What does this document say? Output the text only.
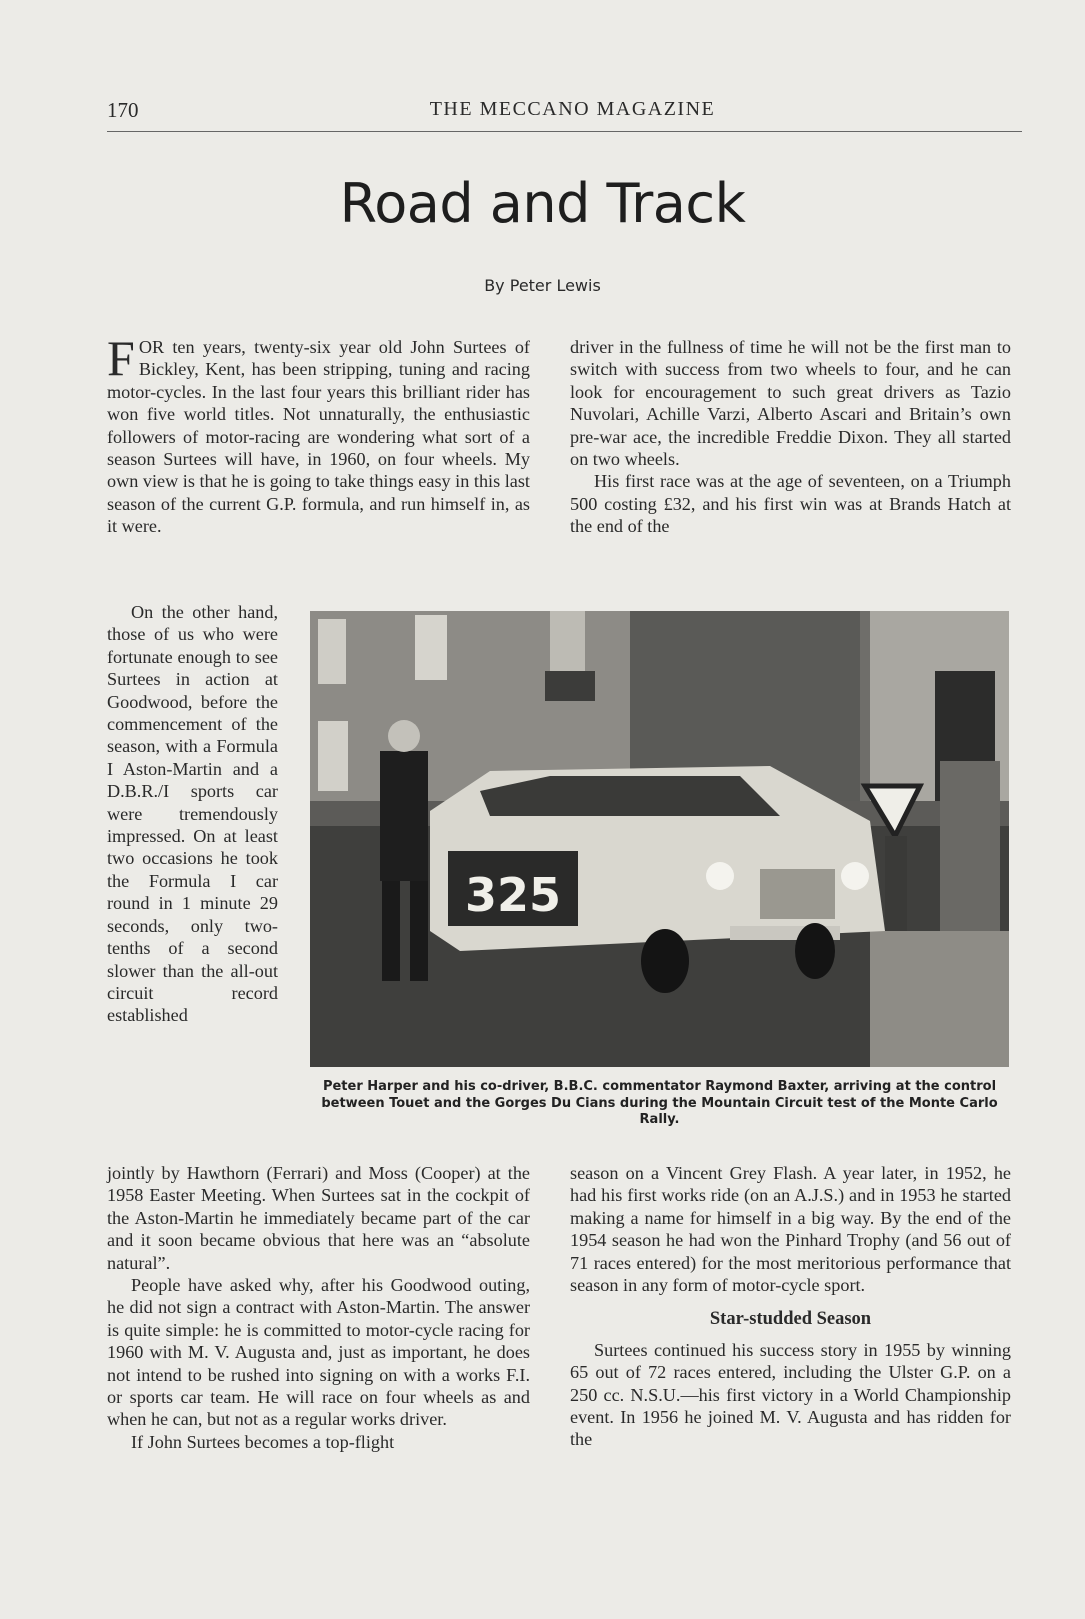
170	THE MECCANO MAGAZINE
Road and Track
By Peter Lewis

FOR ten years, twenty-six year old John Surtees of Bickley, Kent, has been stripping, tuning and racing motor-cycles. In the last four years this brilliant rider has won five world titles. Not unnaturally, the enthusiastic followers of motor-racing are wondering what sort of a season Surtees will have, in 1960, on four wheels. My own view is that he is going to take things easy in this last season of the current G.P. formula, and run himself in, as it were.

On the other hand, those of us who were fortunate enough to see Surtees in action at Goodwood, before the commencement of the season, with a Formula I Aston-Martin and a D.B.R./I sports car were tremendously impressed. On at least two occasions he took the Formula I car round in 1 minute 29 seconds, only two-tenths of a second slower than the all-out circuit record established

jointly by Hawthorn (Ferrari) and Moss (Cooper) at the 1958 Easter Meeting. When Surtees sat in the cockpit of the Aston-Martin he immediately became part of the car and it soon became obvious that here was an “absolute natural”.

People have asked why, after his Goodwood outing, he did not sign a contract with Aston-Martin. The answer is quite simple: he is committed to motor-cycle racing for 1960 with M. V. Augusta and, just as important, he does not intend to be rushed into signing on with a works F.I. or sports car team. He will race on four wheels as and when he can, but not as a regular works driver.

If John Surtees becomes a top-flight

driver in the fullness of time he will not be the first man to switch with success from two wheels to four, and he can look for encouragement to such great drivers as Tazio Nuvolari, Achille Varzi, Alberto Ascari and Britain’s own pre-war ace, the incredible Freddie Dixon. They all started on two wheels.

His first race was at the age of seventeen, on a Triumph 500 costing £32, and his first win was at Brands Hatch at the end of the

season on a Vincent Grey Flash. A year later, in 1952, he had his first works ride (on an A.J.S.) and in 1953 he started making a name for himself in a big way. By the end of the 1954 season he had won the Pinhard Trophy (and 56 out of 71 races entered) for the most meritorious performance that season in any form of motor-cycle sport.

Star-studded Season

Surtees continued his success story in 1955 by winning 65 out of 72 races entered, including the Ulster G.P. on a 250 cc. N.S.U.—his first victory in a World Championship event. In 1956 he joined M. V. Augusta and has ridden for the

325
Peter Harper and his co-driver, B.B.C. commentator Raymond Baxter, arriving at the control between Touet and the Gorges Du Cians during the Mountain Circuit test of the Monte Carlo Rally.
